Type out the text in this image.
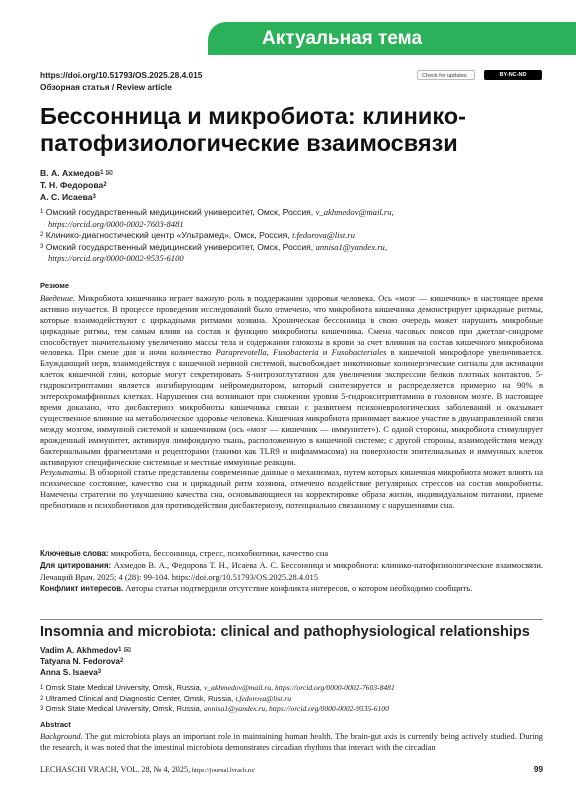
Актуальная тема
https://doi.org/10.51793/OS.2025.28.4.015
Обзорная статья / Review article
Check for updates	BY-NC-ND
Бессонница и микробиота: клинико-патофизиологические взаимосвязи
В. А. Ахмедов$^1$ ✉
Т. Н. Федорова$^2$
А. С. Исаева$^3$
$^1$ Омский государственный медицинский университет, Омск, Россия, v_akhmedov@mail.ru,
https://orcid.org/0000-0002-7603-8481
$^2$ Клинико-диагностический центр «Ультрамед», Омск, Россия, t.fedorova@list.ru
$^3$ Омский государственный медицинский университет, Омск, Россия, annisa1@yandex.ru,
https://orcid.org/0000-0002-9535-6100
Резюме

Введение. Микробиота кишечника играет важную роль в поддержании здоровья человека. Ось «мозг — кишечник» в настоящее время активно изучается. В процессе проведения исследований было отмечено, что микробиота кишечника демонстрирует циркадные ритмы, которые взаимодействуют с циркадными ритмами хозяина. Хроническая бессонница в свою очередь может нарушить микробные циркадные ритмы, тем самым влияя на состав и функцию микробиоты кишечника. Смена часовых поясов при джетлаг-синдроме способствует значительному увеличению массы тела и содержания глюкозы в крови за счет влияния на состав кишечного микробиома человека. При смене дня и ночи количество Paraprevotella, Fusobacteria и Fusobacteriales в кишечной микрофлоре увеличивается. Блуждающий нерв, взаимодействуя с кишечной нервной системой, высвобождает никотиновые холинергические сигналы для активации клеток кишечной глии, которые могут секретировать S-нитрозоглутатион для увеличения экспрессии белков плотных контактов. 5-гидрокситриптамин является ингибирующим нейромедиатором, который синтезируется и распределяется примерно на 90% в энтерохромаффинных клетках. Нарушения сна возникают при снижении уровня 5-гидрокситриптамина в головном мозге. В настоящее время доказано, что дисбактериоз микробиоты кишечника связан с развитием психоневрологических заболеваний и оказывает существенное влияние на метаболическое здоровье человека. Кишечная микробиота принимает важное участие в двунаправленной связи между мозгом, иммунной системой и кишечником (ось «мозг — кишечник — иммунитет»). С одной стороны, микробиота стимулирует врожденный иммунитет, активируя лимфоидную ткань, расположенную в кишечной системе; с другой стороны, взаимодействия между бактериальными фрагментами и рецепторами (такими как TLR9 и инфламмасома) на поверхности эпителиальных и иммунных клеток активируют специфические системные и местные иммунные реакции.

Результаты. В обзорной статье представлены современные данные о механизмах, путем которых кишечная микробиота может влиять на психическое состояние, качество сна и циркадный ритм хозяина, отмечено воздействие регулярных стрессов на состав микробиоты. Намечены стратегии по улучшению качества сна, основывающиеся на корректировке образа жизни, индивидуальном питании, приеме пребиотиков и психобиотиков для противодействия дисбактериозу, потенциально связанному с нарушениями сна.

Ключевые слова: микробота, бессонница, стресс, психобиотики, качество сна

Для цитирования: Ахмедов В. А., Федорова Т. Н., Исаева А. С. Бессонница и микробиота: клинико-патофизиологические взаимосвязи. Лечащий Врач. 2025; 4 (28): 99-104. https://doi.org/10.51793/OS.2025.28.4.015

Конфликт интересов. Авторы статьи подтвердили отсутствие конфликта интересов, о котором необходимо сообщить.

Insomnia and microbiota: clinical and pathophysiological relationships
Vadim A. Akhmedov$^1$ ✉
Tatyana N. Fedorova$^2$
Anna S. Isaeva$^3$
$^1$ Omsk State Medical University, Omsk, Russia, v_akhmedov@mail.ru, https://orcid.org/0000-0002-7603-8481
$^2$ Ultramed Clinical and Diagnostic Center, Omsk, Russia, t.fedorova@list.ru
$^3$ Omsk State Medical University, Omsk, Russia, annisa1@yandex.ru, https://orcid.org/0000-0002-9535-6100
Abstract

Background. The gut microbiota plays an important role in maintaining human health. The brain-gut axis is currently being actively studied. During the research, it was noted that the intestinal microbiota demonstrates circadian rhythms that interact with the circadian

LECHASCHI VRACH, VOL. 28, № 4, 2025, https://journal.lvrach.ru/	99
